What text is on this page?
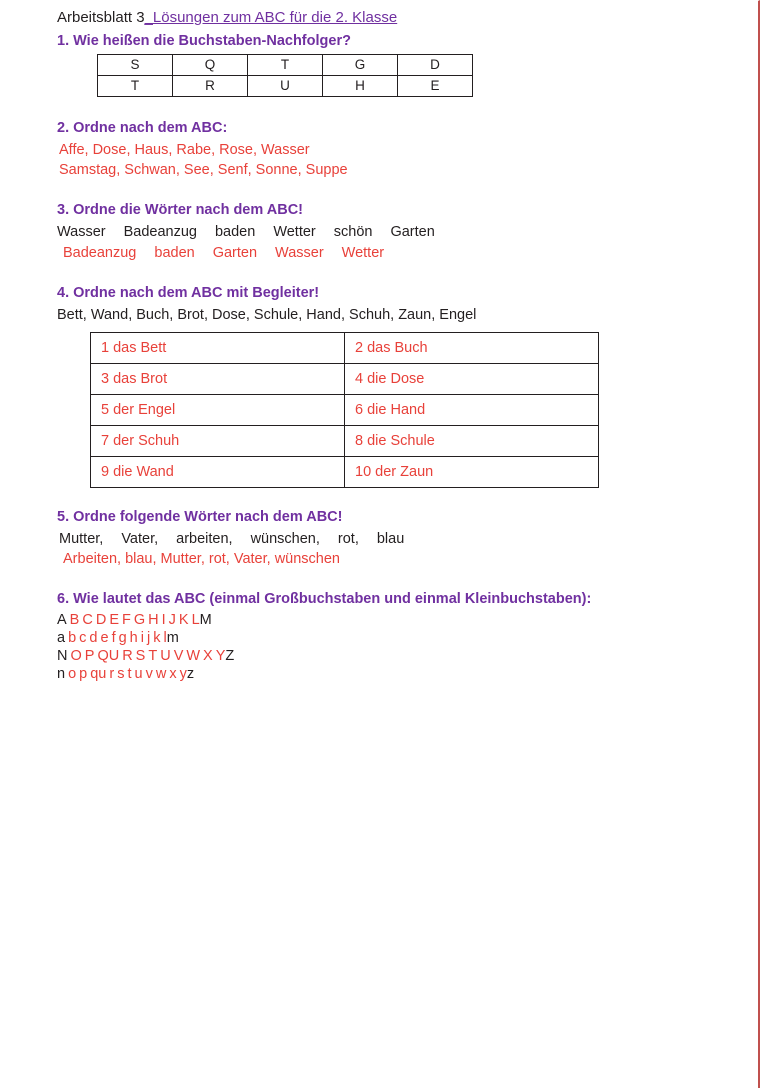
Arbeitsblatt 3_Lösungen zum ABC für die 2. Klasse
1. Wie heißen die Buchstaben-Nachfolger?
S	Q	T	G	D
T	R	U	H	E
2. Ordne nach dem ABC:
Affe, Dose, Haus, Rabe, Rose, Wasser
Samstag, Schwan, See, Senf, Sonne, Suppe
3. Ordne die Wörter nach dem ABC!
Wasser Badeanzug baden Wetter schön Garten
Badeanzug baden Garten Wasser Wetter
4. Ordne nach dem ABC mit Begleiter!
Bett, Wand, Buch, Brot, Dose, Schule, Hand, Schuh, Zaun, Engel
1 das Bett	2 das Buch
3 das Brot	4 die Dose
5 der Engel	6 die Hand
7 der Schuh	8 die Schule
9 die Wand	10 der Zaun
5. Ordne folgende Wörter nach dem ABC!
Mutter, Vater, arbeiten, wünschen, rot, blau
Arbeiten, blau, Mutter, rot, Vater, wünschen
6. Wie lautet das ABC (einmal Großbuchstaben und einmal Kleinbuchstaben):
A B C D E F G H I J K LM
a b c d e f g h i j k lm
N O P QU R S T U V W X YZ
n o p qu r s t u v w x yz
